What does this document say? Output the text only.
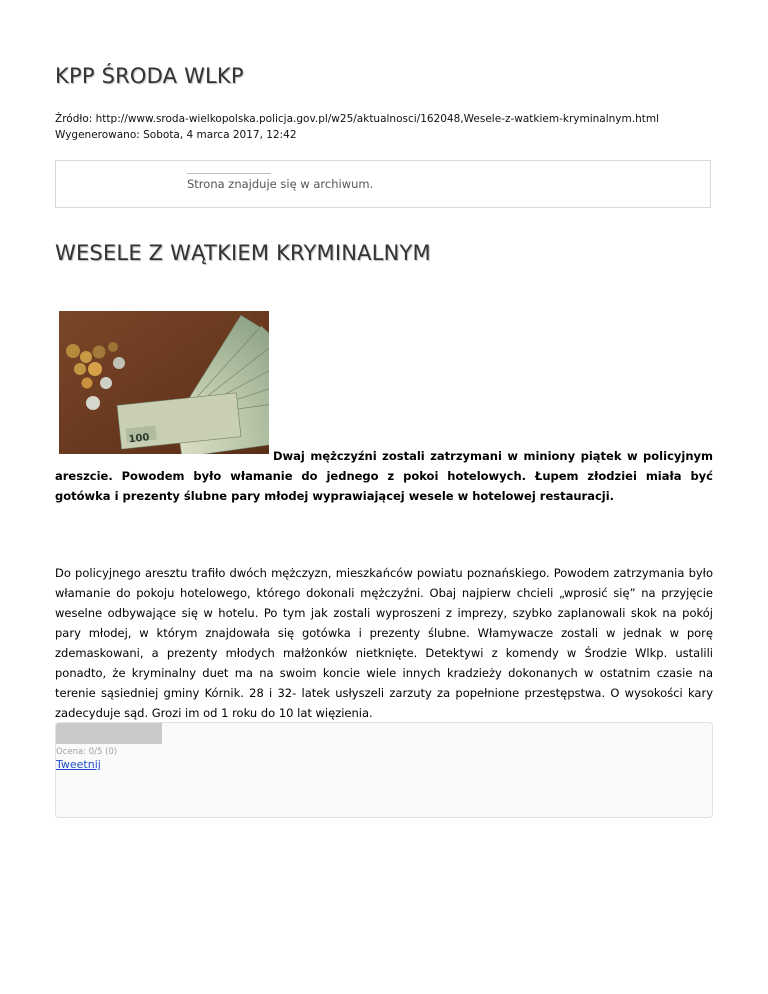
KPP ŚRODA WLKP
Źródło: http://www.sroda-wielkopolska.policja.gov.pl/w25/aktualnosci/162048,Wesele-z-watkiem-kryminalnym.html
Wygenerowano: Sobota, 4 marca 2017, 12:42
Strona znajduje się w archiwum.
WESELE Z WĄTKIEM KRYMINALNYM
100

Dwaj mężczyźni zostali zatrzymani w miniony piątek w policyjnym areszcie. Powodem było włamanie do jednego z pokoi hotelowych. Łupem złodziei miała być gotówka i prezenty ślubne pary młodej wyprawiającej wesele w hotelowej restauracji.

Do policyjnego aresztu trafiło dwóch mężczyzn, mieszkańców powiatu poznańskiego. Powodem zatrzymania było włamanie do pokoju hotelowego, którego dokonali mężczyźni. Obaj najpierw chcieli „wprosić się” na przyjęcie weselne odbywające się w hotelu. Po tym jak zostali wyproszeni z imprezy, szybko zaplanowali skok na pokój pary młodej, w którym znajdowała się gotówka i prezenty ślubne. Włamywacze zostali w jednak w porę zdemaskowani, a prezenty młodych małżonków nietknięte. Detektywi z komendy w Środzie Wlkp. ustalili ponadto, że kryminalny duet ma na swoim koncie wiele innych kradzieży dokonanych w ostatnim czasie na terenie sąsiedniej gminy Kórnik. 28 i 32- latek usłyszeli zarzuty za popełnione przestępstwa. O wysokości kary zadecyduje sąd. Grozi im od 1 roku do 10 lat więzienia.

Ocena: 0/5 (0)
Tweetnij
